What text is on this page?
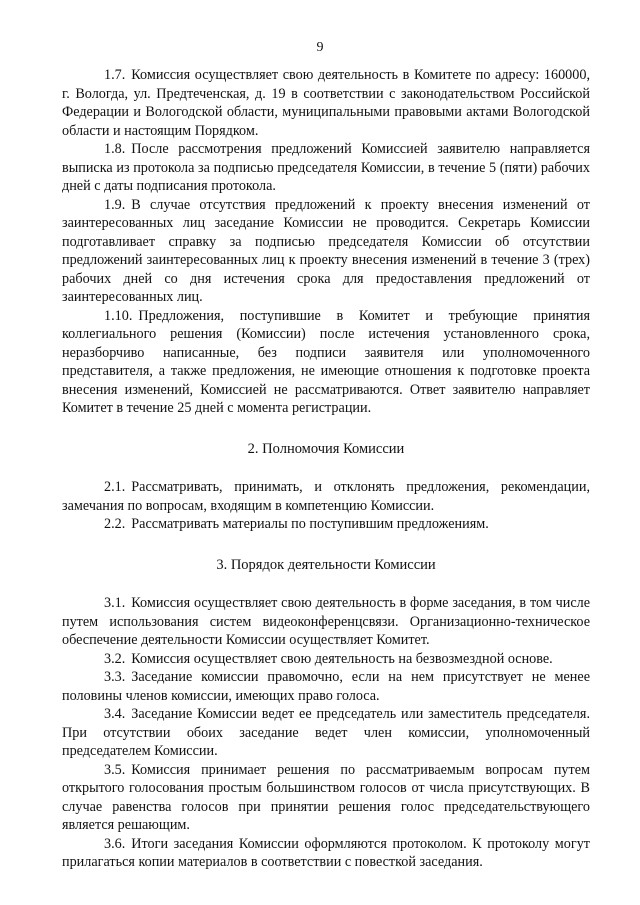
9

1.7. Комиссия осуществляет свою деятельность в Комитете по адресу: 160000, г. Вологда, ул. Предтеченская, д. 19 в соответствии с законодательством Российской Федерации и Вологодской области, муниципальными правовыми актами Вологодской области и настоящим Порядком.

1.8. После рассмотрения предложений Комиссией заявителю направляется выписка из протокола за подписью председателя Комиссии, в течение 5 (пяти) рабочих дней с даты подписания протокола.

1.9. В случае отсутствия предложений к проекту внесения изменений от заинтересованных лиц заседание Комиссии не проводится. Секретарь Комиссии подготавливает справку за подписью председателя Комиссии об отсутствии предложений заинтересованных лиц к проекту внесения изменений в течение 3 (трех) рабочих дней со дня истечения срока для предоставления предложений от заинтересованных лиц.

1.10. Предложения, поступившие в Комитет и требующие принятия коллегиального решения (Комиссии) после истечения установленного срока, неразборчиво написанные, без подписи заявителя или уполномоченного представителя, а также предложения, не имеющие отношения к подготовке проекта внесения изменений, Комиссией не рассматриваются. Ответ заявителю направляет Комитет в течение 25 дней с момента регистрации.

2. Полномочия Комиссии

2.1. Рассматривать, принимать, и отклонять предложения, рекомендации, замечания по вопросам, входящим в компетенцию Комиссии.

2.2. Рассматривать материалы по поступившим предложениям.

3. Порядок деятельности Комиссии

3.1. Комиссия осуществляет свою деятельность в форме заседания, в том числе путем использования систем видеоконференцсвязи. Организационно-техническое обеспечение деятельности Комиссии осуществляет Комитет.

3.2. Комиссия осуществляет свою деятельность на безвозмездной основе.

3.3. Заседание комиссии правомочно, если на нем присутствует не менее половины членов комиссии, имеющих право голоса.

3.4. Заседание Комиссии ведет ее председатель или заместитель председателя. При отсутствии обоих заседание ведет член комиссии, уполномоченный председателем Комиссии.

3.5. Комиссия принимает решения по рассматриваемым вопросам путем открытого голосования простым большинством голосов от числа присутствующих. В случае равенства голосов при принятии решения голос председательствующего является решающим.

3.6. Итоги заседания Комиссии оформляются протоколом. К протоколу могут прилагаться копии материалов в соответствии с повесткой заседания.
